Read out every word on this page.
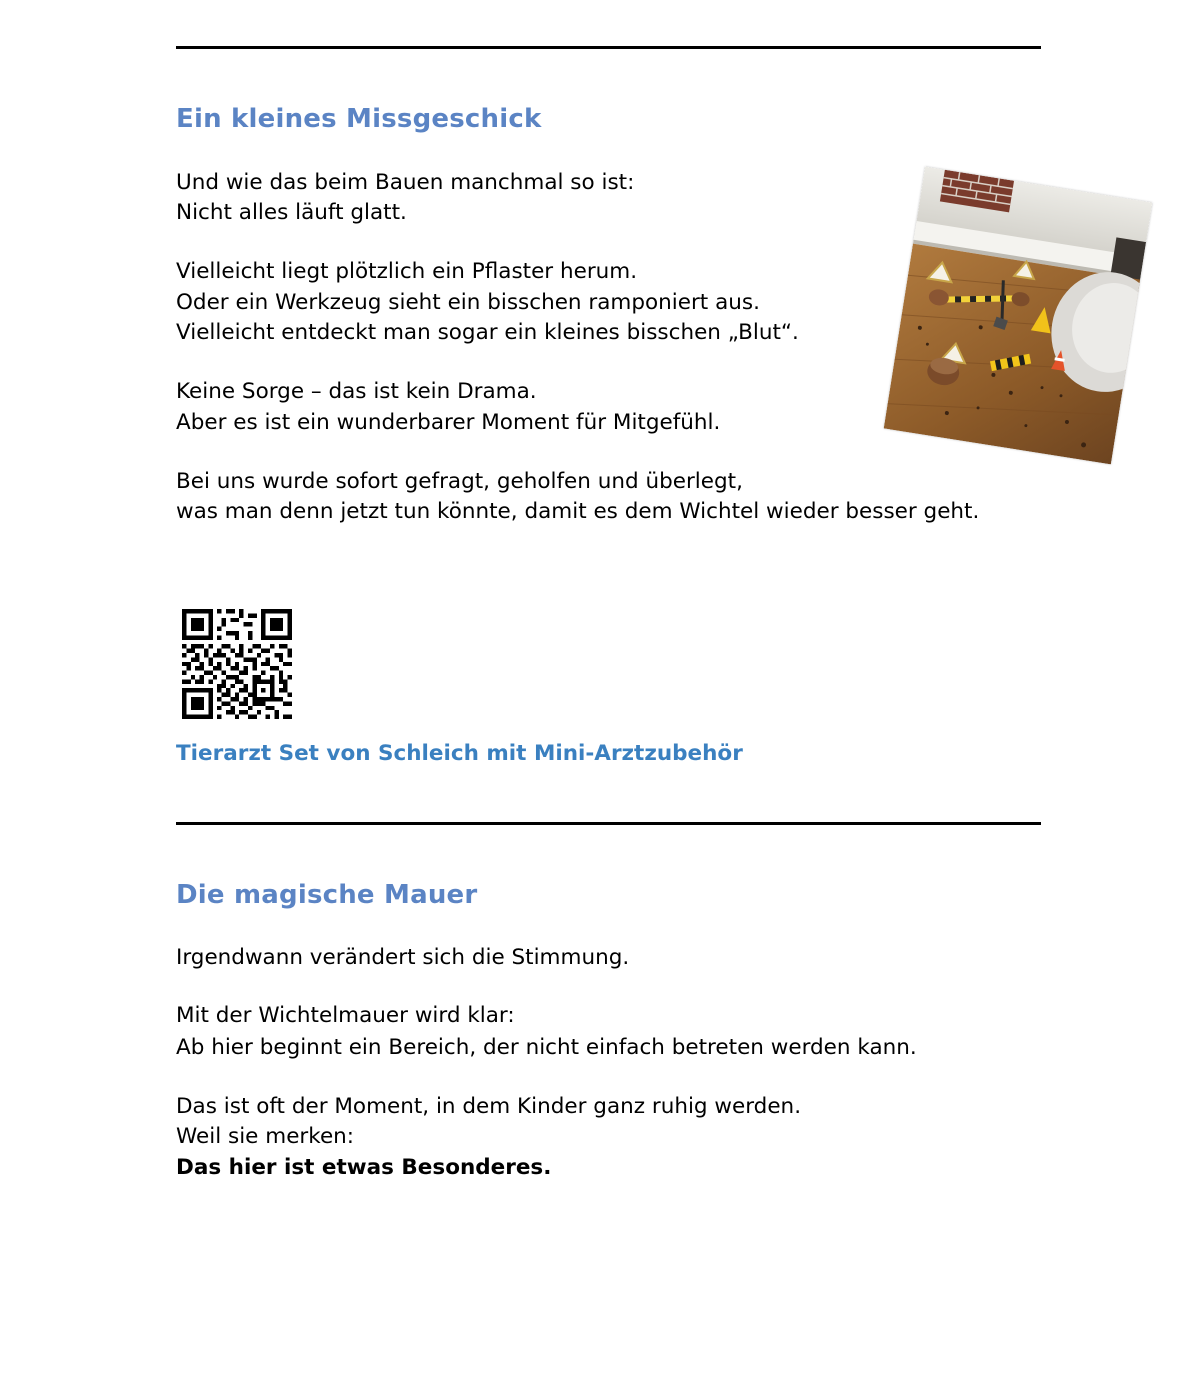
Ein kleines Missgeschick

Und wie das beim Bauen manchmal so ist:

Nicht alles läuft glatt.

Vielleicht liegt plötzlich ein Pflaster herum.

Oder ein Werkzeug sieht ein bisschen ramponiert aus.

Vielleicht entdeckt man sogar ein kleines bisschen „Blut“.

Keine Sorge – das ist kein Drama.

Aber es ist ein wunderbarer Moment für Mitgefühl.

Bei uns wurde sofort gefragt, geholfen und überlegt,

was man denn jetzt tun könnte, damit es dem Wichtel wieder besser geht.

Tierarzt Set von Schleich mit Mini-Arztzubehör
Die magische Mauer

Irgendwann verändert sich die Stimmung.

Mit der Wichtelmauer wird klar:

Ab hier beginnt ein Bereich, der nicht einfach betreten werden kann.

Das ist oft der Moment, in dem Kinder ganz ruhig werden.

Weil sie merken:

Das hier ist etwas Besonderes.
